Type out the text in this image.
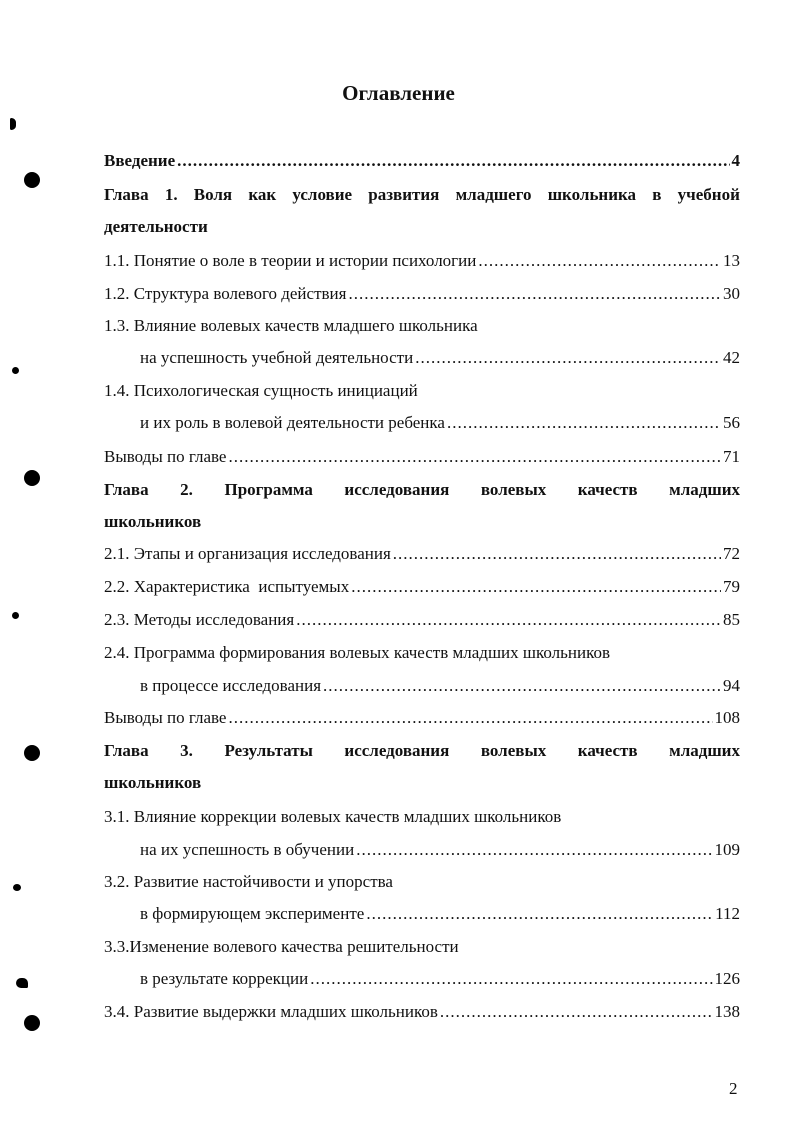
Оглавление
Введение .....	4
Глава 1. Воля как условие развития младшего школьника в учебной
деятельности
1.1. Понятие о воле в теории и истории психологии .....	13
1.2. Структура волевого действия .....	30
1.3. Влияние волевых качеств младшего школьника
на успешность учебной деятельности .....	42
1.4. Психологическая сущность инициаций
и их роль в волевой деятельности ребенка .....	56
Выводы по главе .....	71
Глава 2. Программа исследования волевых качеств младших
школьников
2.1. Этапы и организация исследования .....	72
2.2. Характеристика  испытуемых .....	79
2.3. Методы исследования .....	85
2.4. Программа формирования волевых качеств младших школьников
в процессе исследования .....	94
Выводы по главе .....	108
Глава 3. Результаты исследования волевых качеств младших
школьников
3.1. Влияние коррекции волевых качеств младших школьников
на их успешность в обучении .....	109
3.2. Развитие настойчивости и упорства
в формирующем эксперименте .....	112
3.3.Изменение волевого качества решительности
в результате коррекции .....	126
3.4. Развитие выдержки младших школьников .....	138
2
